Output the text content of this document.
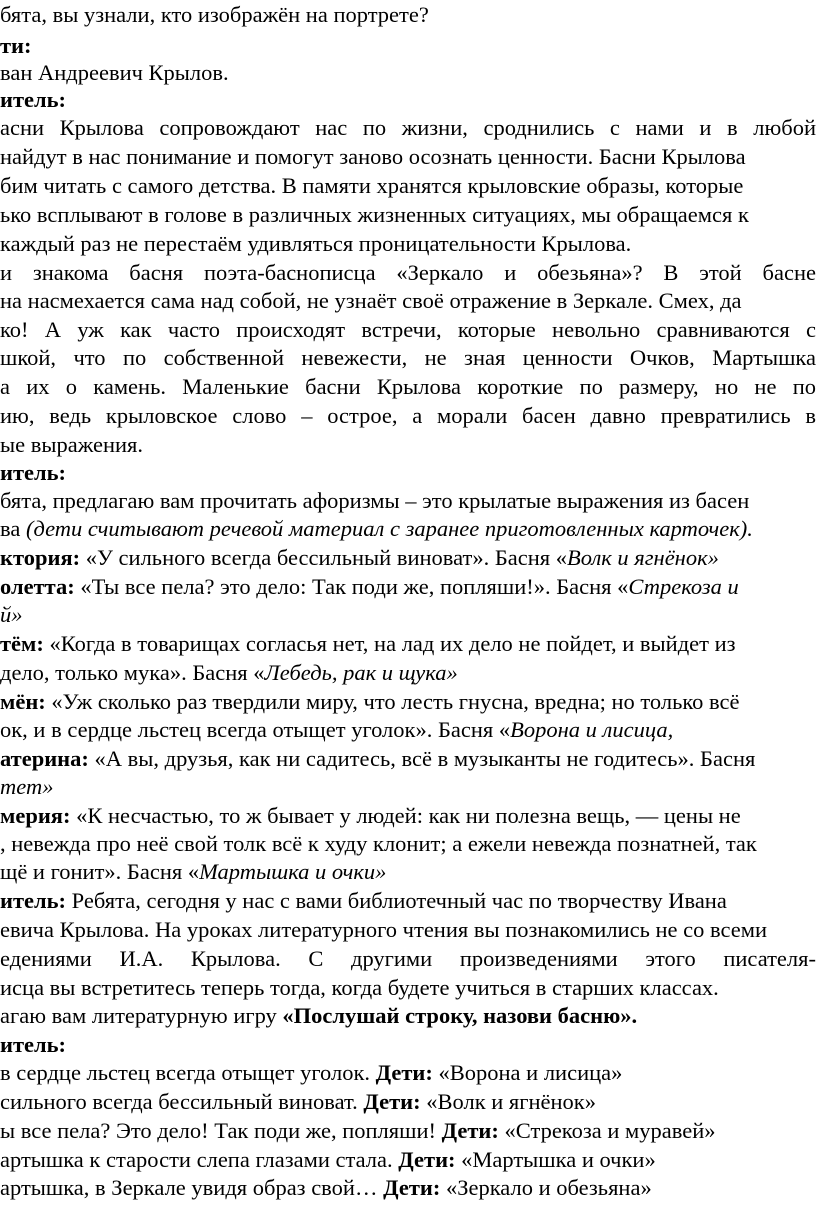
бята, вы узнали, кто изображён на портрете?
ти:
ван Андреевич Крылов.
итель:
асни Крылова сопровождают нас по жизни, сроднились с нами и в любой
найдут в нас понимание и помогут заново осознать ценности. Басни Крылова
бим читать с самого детства. В памяти хранятся крыловские образы, которые
ько всплывают в голове в различных жизненных ситуациях, мы обращаемся к
каждый раз не перестаём удивляться проницательности Крылова.
и знакома басня поэта-баснописца «Зеркало и обезьяна»? В этой басне
на насмехается сама над собой, не узнаёт своё отражение в Зеркале. Смех, да
ко! А уж как часто происходят встречи, которые невольно сравниваются с
шкой, что по собственной невежести, не зная ценности Очков, Мартышка
а их о камень. Маленькие басни Крылова короткие по размеру, но не по
ию, ведь крыловское слово – острое, а морали басен давно превратились в
ые выражения.
итель:
бята, предлагаю вам прочитать афоризмы – это крылатые выражения из басен
ва (дети считывают речевой материал с заранее приготовленных карточек).
ктория: «У сильного всегда бессильный виноват». Басня «Волк и ягнёнок»
олетта: «Ты все пела? это дело: Так поди же, попляши!». Басня «Стрекоза и
й»
тём: «Когда в товарищах согласья нет, на лад их дело не пойдет, и выйдет из
дело, только мука». Басня «Лебедь, рак и щука»
мён: «Уж сколько раз твердили миру, что лесть гнусна, вредна; но только всё
ок, и в сердце льстец всегда отыщет уголок». Басня «Ворона и лисица,
атерина: «А вы, друзья, как ни садитесь, всё в музыканты не годитесь». Басня
тет»
мерия: «К несчастью, то ж бывает у людей: как ни полезна вещь, — цены не
, невежда про неё свой толк всё к худу клонит; а ежели невежда познатней, так
щё и гонит». Басня «Мартышка и очки»
итель: Ребята, сегодня у нас с вами библиотечный час по творчеству Ивана
евича Крылова. На уроках литературного чтения вы познакомились не со всеми
едениями И.А. Крылова. С другими произведениями этого писателя-
исца вы встретитесь теперь тогда, когда будете учиться в старших классах.
агаю вам литературную игру «Послушай строку, назови басню».
итель:
в сердце льстец всегда отыщет уголок. Дети: «Ворона и лисица»
сильного всегда бессильный виноват. Дети: «Волк и ягнёнок»
ы все пела? Это дело! Так поди же, попляши! Дети: «Стрекоза и муравей»
артышка к старости слепа глазами стала. Дети: «Мартышка и очки»
артышка, в Зеркале увидя образ свой… Дети: «Зеркало и обезьяна»
